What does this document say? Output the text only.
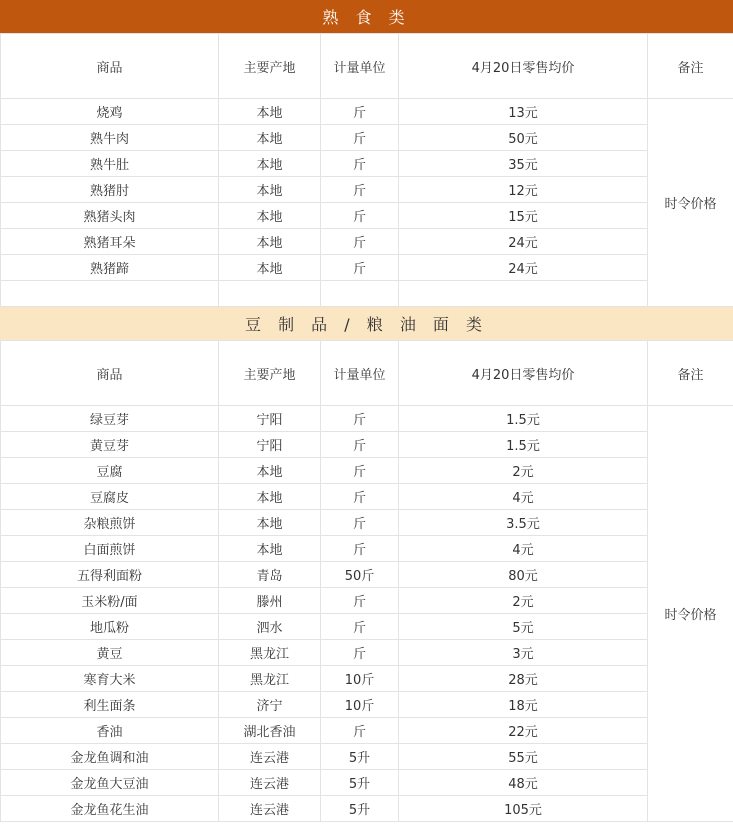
熟 食 类
商品	主要产地	计量单位	4月20日零售均价	备注
烧鸡	本地	斤	13元	时令价格
熟牛肉	本地	斤	50元	
熟牛肚	本地	斤	35元	
熟猪肘	本地	斤	12元	
熟猪头肉	本地	斤	15元	
熟猪耳朵	本地	斤	24元	
熟猪蹄	本地	斤	24元	

豆 制 品 / 粮 油 面 类
商品	主要产地	计量单位	4月20日零售均价	备注
绿豆芽	宁阳	斤	1.5元	时令价格
黄豆芽	宁阳	斤	1.5元	
豆腐	本地	斤	2元	
豆腐皮	本地	斤	4元	
杂粮煎饼	本地	斤	3.5元	
白面煎饼	本地	斤	4元	
五得利面粉	青岛	50斤	80元	
玉米粉/面	滕州	斤	2元	
地瓜粉	泗水	斤	5元	
黄豆	黑龙江	斤	3元	
寒育大米	黑龙江	10斤	28元	
利生面条	济宁	10斤	18元	
香油	湖北香油	斤	22元	
金龙鱼调和油	连云港	5升	55元	
金龙鱼大豆油	连云港	5升	48元	
金龙鱼花生油	连云港	5升	105元	
